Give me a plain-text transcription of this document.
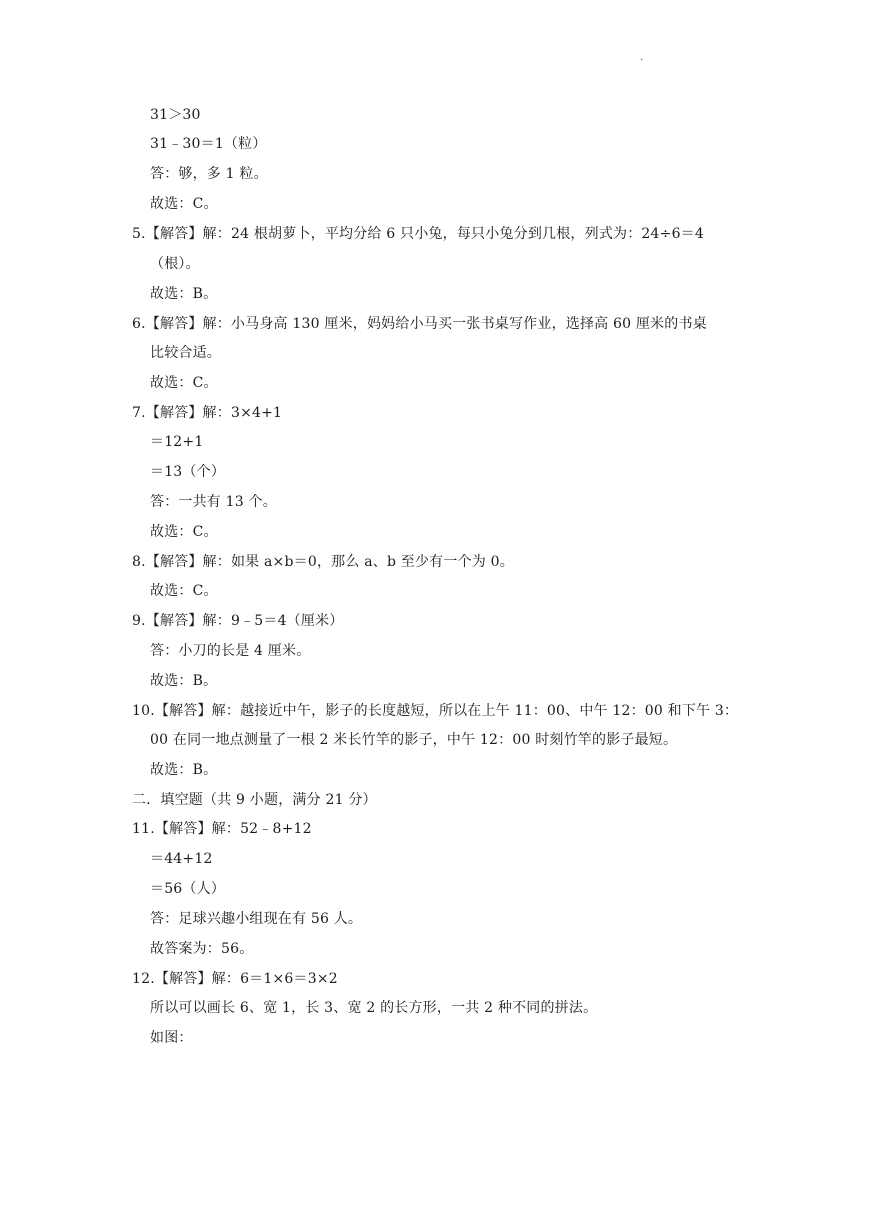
.
31＞30
31﹣30＝1（粒）
答：够，多 1 粒。
故选：C。
5.【解答】解：24 根胡萝卜，平均分给 6 只小兔，每只小兔分到几根，列式为：24÷6＝4
（根）。
故选：B。
6.【解答】解：小马身高 130 厘米，妈妈给小马买一张书桌写作业，选择高 60 厘米的书桌
比较合适。
故选：C。
7.【解答】解：3×4+1
＝12+1
＝13（个）
答：一共有 13 个。
故选：C。
8.【解答】解：如果 a×b＝0，那么 a、b 至少有一个为 0。
故选：C。
9.【解答】解：9﹣5＝4（厘米）
答：小刀的长是 4 厘米。
故选：B。
10.【解答】解：越接近中午，影子的长度越短，所以在上午 11：00、中午 12：00 和下午 3：
00 在同一地点测量了一根 2 米长竹竿的影子，中午 12：00 时刻竹竿的影子最短。
故选：B。
二．填空题（共 9 小题，满分 21 分）
11.【解答】解：52﹣8+12
＝44+12
＝56（人）
答：足球兴趣小组现在有 56 人。
故答案为：56。
12.【解答】解：6＝1×6＝3×2
所以可以画长 6、宽 1，长 3、宽 2 的长方形，一共 2 种不同的拼法。
如图：
